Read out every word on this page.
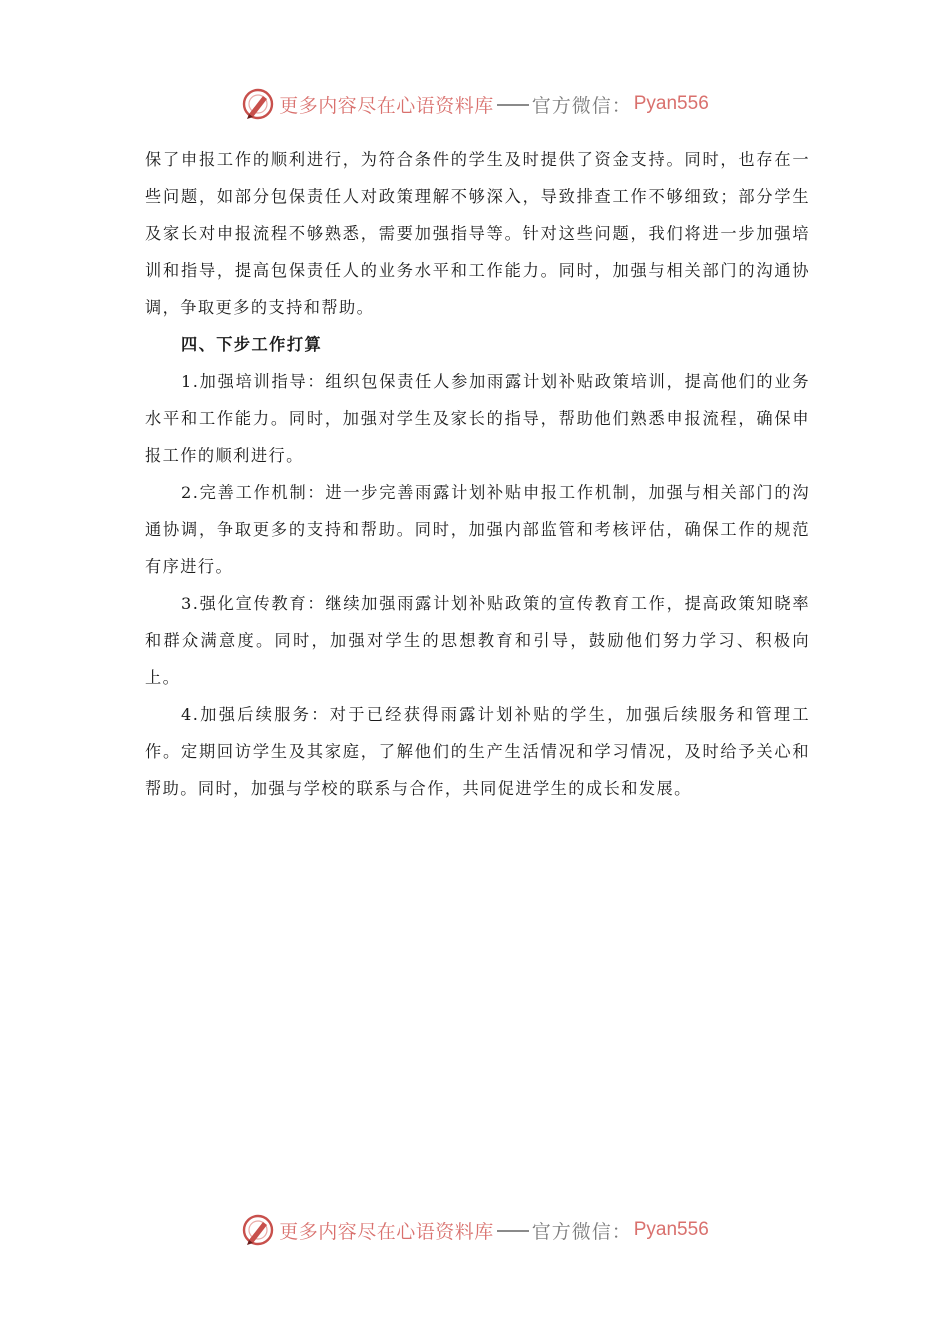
更多内容尽在心语资料库 官方微信： Pyan556

保了申报工作的顺利进行，为符合条件的学生及时提供了资金支持。同时，也存在一些问题，如部分包保责任人对政策理解不够深入，导致排查工作不够细致；部分学生及家长对申报流程不够熟悉，需要加强指导等。针对这些问题，我们将进一步加强培训和指导，提高包保责任人的业务水平和工作能力。同时，加强与相关部门的沟通协调，争取更多的支持和帮助。

四、下步工作打算

1.加强培训指导：组织包保责任人参加雨露计划补贴政策培训，提高他们的业务水平和工作能力。同时，加强对学生及家长的指导，帮助他们熟悉申报流程，确保申报工作的顺利进行。

2.完善工作机制：进一步完善雨露计划补贴申报工作机制，加强与相关部门的沟通协调，争取更多的支持和帮助。同时，加强内部监管和考核评估，确保工作的规范有序进行。

3.强化宣传教育：继续加强雨露计划补贴政策的宣传教育工作，提高政策知晓率和群众满意度。同时，加强对学生的思想教育和引导，鼓励他们努力学习、积极向上。

4.加强后续服务：对于已经获得雨露计划补贴的学生，加强后续服务和管理工作。定期回访学生及其家庭，了解他们的生产生活情况和学习情况，及时给予关心和帮助。同时，加强与学校的联系与合作，共同促进学生的成长和发展。

更多内容尽在心语资料库 官方微信： Pyan556
